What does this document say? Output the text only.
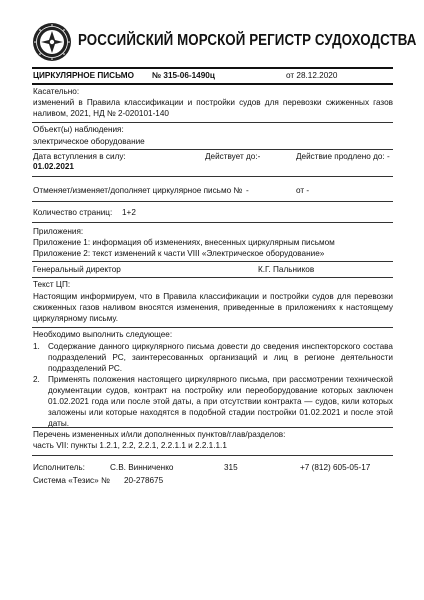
РОССИЙСКИЙ МОРСКОЙ РЕГИСТР СУДОХОДСТВА
ЦИРКУЛЯРНОЕ ПИСЬМО № 315-06-1490ц	от 28.12.2020
Касательно:
изменений в Правила классификации и постройки судов для перевозки сжиженных газов наливом, 2021, НД № 2-020101-140
Объект(ы) наблюдения:
электрическое оборудование
Дата вступления в силу:
01.02.2021
Действует до:-	Действие продлено до: -
Отменяет/изменяет/дополняет циркулярное письмо № -	от -
Количество страниц: 1+2
Приложения:
Приложение 1: информация об изменениях, внесенных циркулярным письмом
Приложение 2: текст изменений к части VIII «Электрическое оборудование»
Генеральный директор	К.Г. Пальников
Текст ЦП:
Настоящим информируем, что в Правила классификации и постройки судов для перевозки сжиженных газов наливом вносятся изменения, приведенные в приложениях к настоящему циркулярному письму.
Необходимо выполнить следующее:
1. Содержание данного циркулярного письма довести до сведения инспекторского состава подразделений РС, заинтересованных организаций и лиц в регионе деятельности подразделений РС.
2. Применять положения настоящего циркулярного письма, при рассмотрении технической документации судов, контракт на постройку или переоборудование которых заключен 01.02.2021 года или после этой даты, а при отсутствии контракта — судов, кили которых заложены или которые находятся в подобной стадии постройки 01.02.2021 и после этой даты.
Перечень измененных и/или дополненных пунктов/глав/разделов:
часть VII: пункты 1.2.1, 2.2, 2.2.1, 2.2.1.1 и 2.2.1.1.1
Исполнитель:	С.В. Винниченко	315	+7 (812) 605-05-17
Система «Тезис» № 20-278675
